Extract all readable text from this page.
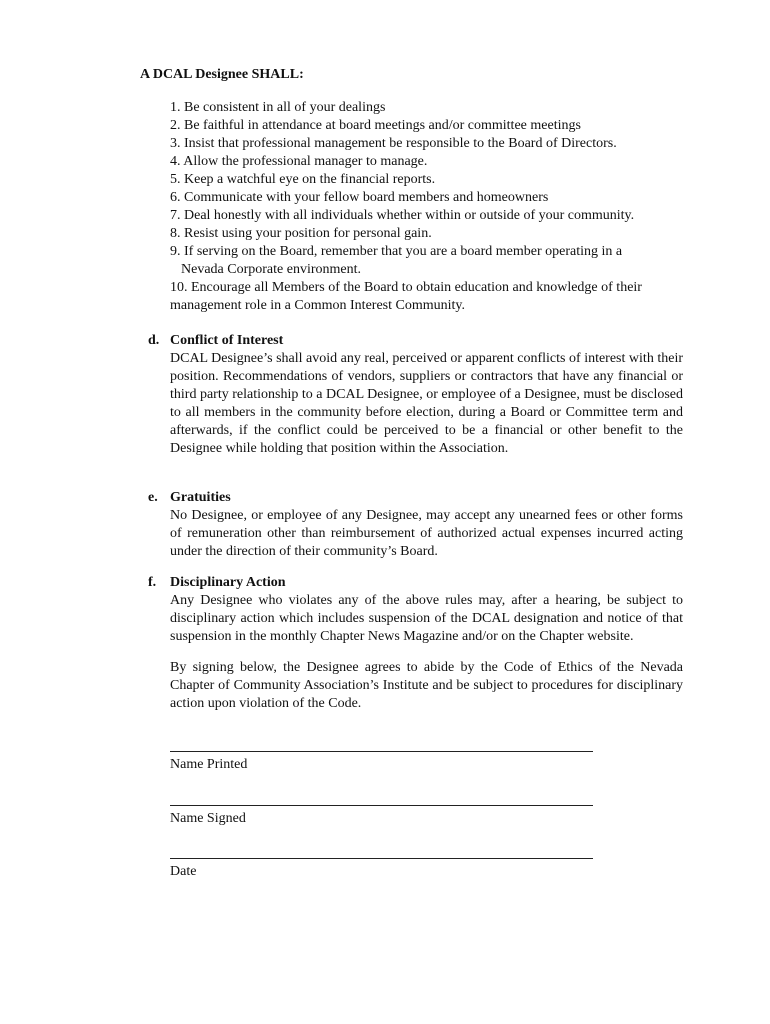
A DCAL Designee SHALL:
1. Be consistent in all of your dealings
2. Be faithful in attendance at board meetings and/or committee meetings
3. Insist that professional management be responsible to the Board of Directors.
4. Allow the professional manager to manage.
5. Keep a watchful eye on the financial reports.
6. Communicate with your fellow board members and homeowners
7. Deal honestly with all individuals whether within or outside of your community.
8. Resist using your position for personal gain.
9. If serving on the Board, remember that you are a board member operating in a
Nevada Corporate environment.
10. Encourage all Members of the Board to obtain education and knowledge of their management role in a Common Interest Community.
d. Conflict of Interest
DCAL Designee’s shall avoid any real, perceived or apparent conflicts of interest with their position. Recommendations of vendors, suppliers or contractors that have any financial or third party relationship to a DCAL Designee, or employee of a Designee, must be disclosed to all members in the community before election, during a Board or Committee term and afterwards, if the conflict could be perceived to be a financial or other benefit to the Designee while holding that position within the Association.
e. Gratuities
No Designee, or employee of any Designee, may accept any unearned fees or other forms of remuneration other than reimbursement of authorized actual expenses incurred acting under the direction of their community’s Board.
f. Disciplinary Action
Any Designee who violates any of the above rules may, after a hearing, be subject to disciplinary action which includes suspension of the DCAL designation and notice of that suspension in the monthly Chapter News Magazine and/or on the Chapter website.
By signing below, the Designee agrees to abide by the Code of Ethics of the Nevada Chapter of Community Association’s Institute and be subject to procedures for disciplinary action upon violation of the Code.
Name Printed
Name Signed
Date
